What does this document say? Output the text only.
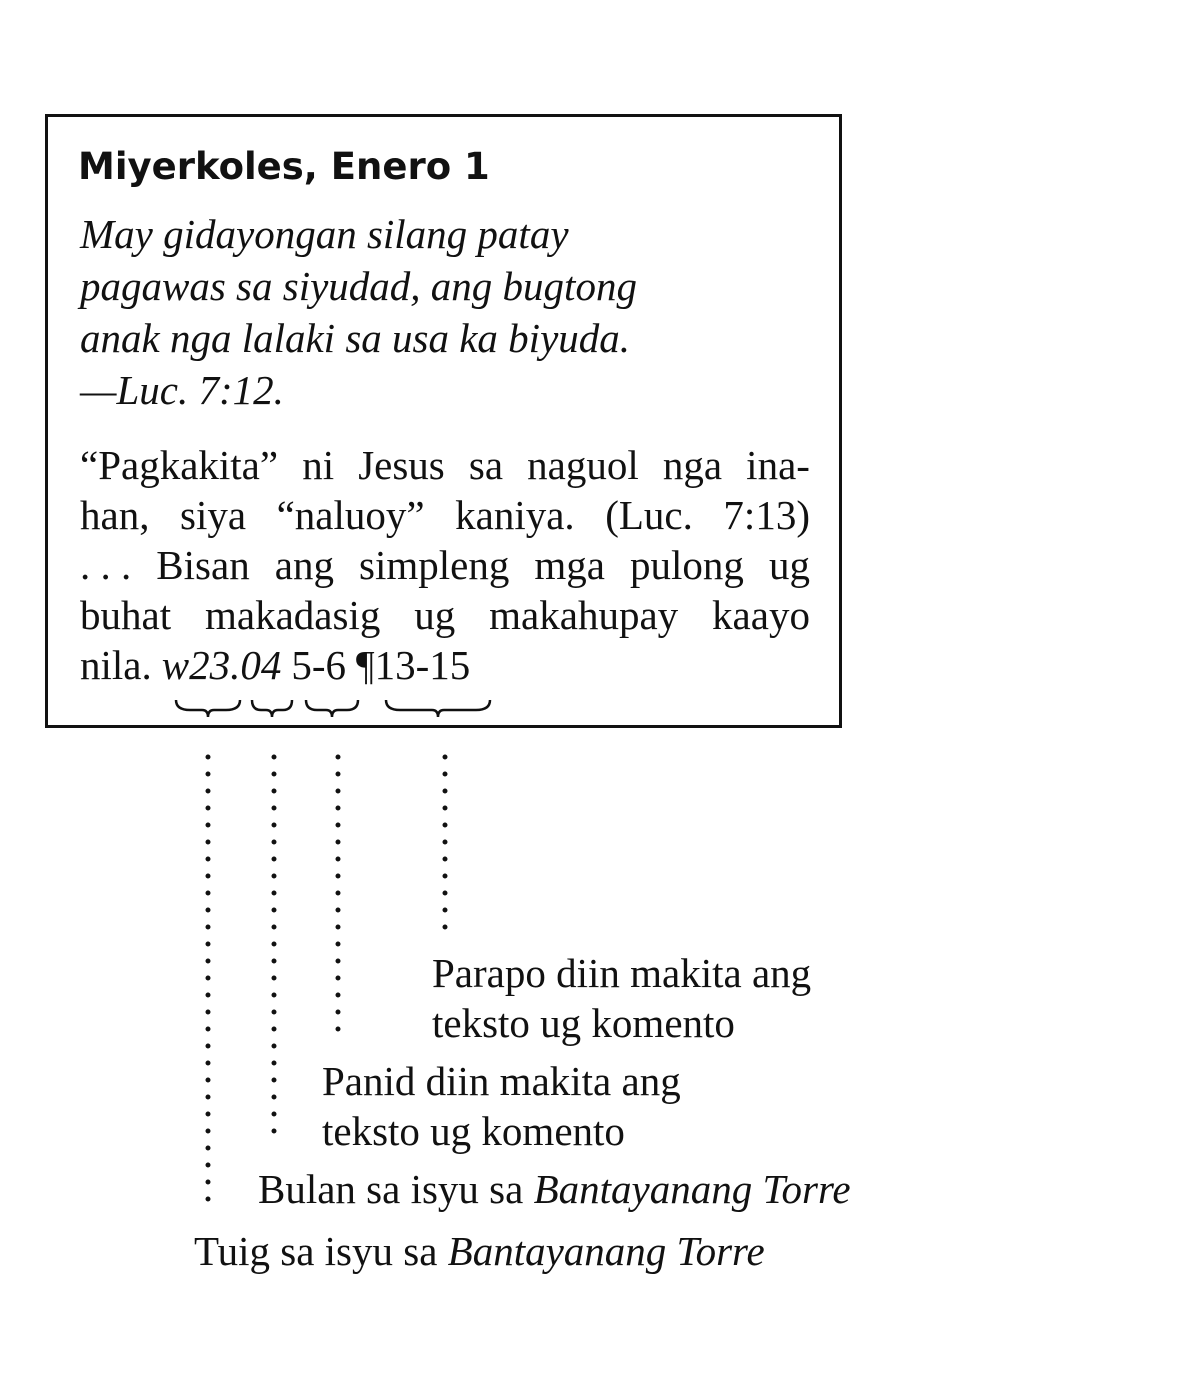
Miyerkoles, Enero 1
May gidayongan silang patay
pagawas sa siyudad, ang bugtong
anak nga lalaki sa usa ka biyuda.
—Luc. 7:12.
“Pagkakita” ni Jesus sa naguol nga ina-
han, siya “naluoy” kaniya. (Luc. 7:13)
. . . Bisan ang simpleng mga pulong ug
buhat makadasig ug makahupay kaayo
nila. w23 .04 5-6 ¶13-15
Parapo diin makita ang
teksto ug komento
Panid diin makita ang
teksto ug komento
Bulan sa isyu sa Bantayanang Torre
Tuig sa isyu sa Bantayanang Torre
